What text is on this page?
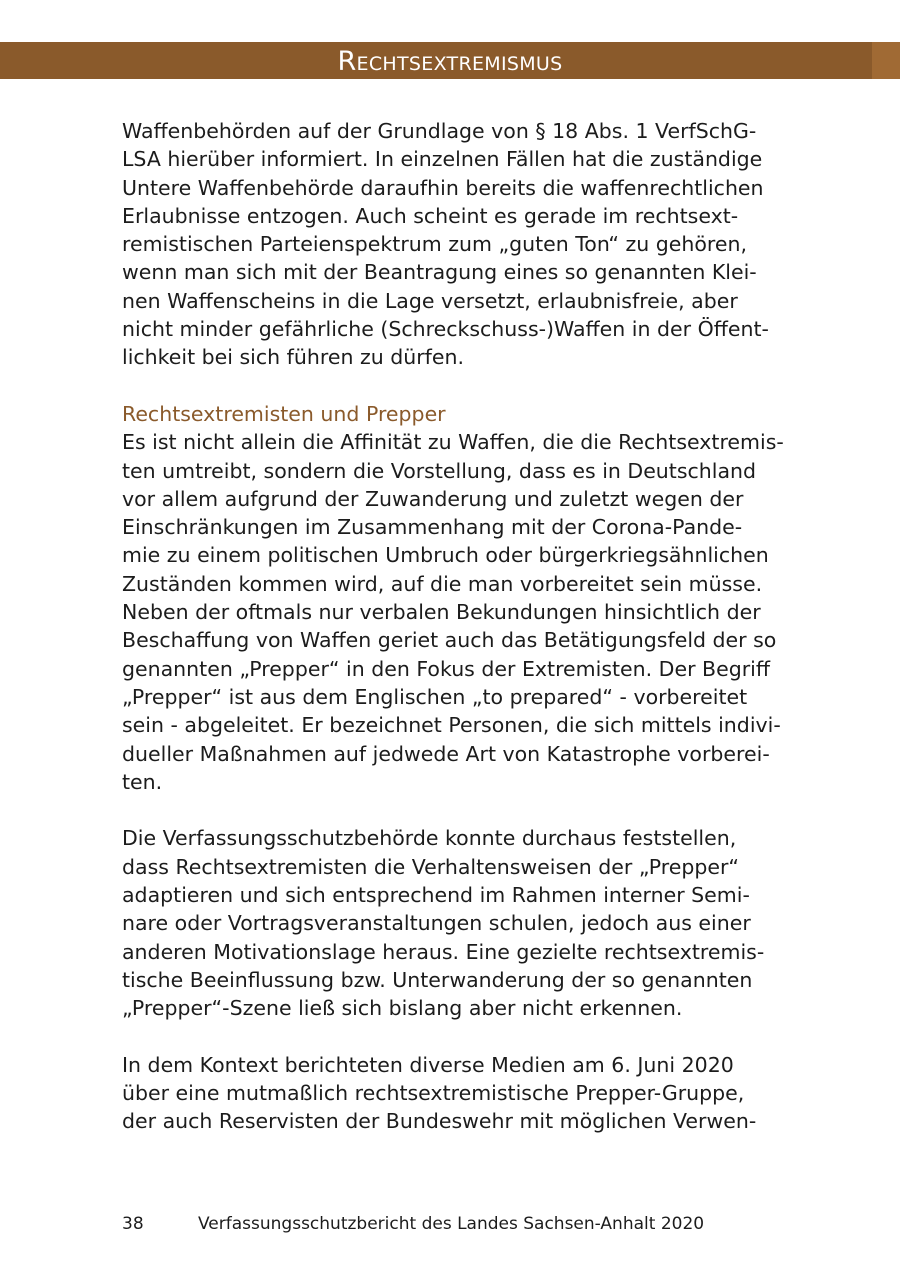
Rechtsextremismus
Waffenbehörden auf der Grundlage von § 18 Abs. 1 VerfSchG-
LSA hierüber informiert. In einzelnen Fällen hat die zuständige
Untere Waffenbehörde daraufhin bereits die waffenrechtlichen
Erlaubnisse entzogen. Auch scheint es gerade im rechtsext-
remistischen Parteienspektrum zum „guten Ton“ zu gehören,
wenn man sich mit der Beantragung eines so genannten Klei-
nen Waffenscheins in die Lage versetzt, erlaubnisfreie, aber
nicht minder gefährliche (Schreckschuss-)Waffen in der Öffent-
lichkeit bei sich führen zu dürfen.
Rechtsextremisten und Prepper
Es ist nicht allein die Affinität zu Waffen, die die Rechtsextremis-
ten umtreibt, sondern die Vorstellung, dass es in Deutschland
vor allem aufgrund der Zuwanderung und zuletzt wegen der
Einschränkungen im Zusammenhang mit der Corona-Pande-
mie zu einem politischen Umbruch oder bürgerkriegsähnlichen
Zuständen kommen wird, auf die man vorbereitet sein müsse.
Neben der oftmals nur verbalen Bekundungen hinsichtlich der
Beschaffung von Waffen geriet auch das Betätigungsfeld der so
genannten „Prepper“ in den Fokus der Extremisten. Der Begriff
„Prepper“ ist aus dem Englischen „to prepared“ - vorbereitet
sein - abgeleitet. Er bezeichnet Personen, die sich mittels indivi-
dueller Maßnahmen auf jedwede Art von Katastrophe vorberei-
ten.
Die Verfassungsschutzbehörde konnte durchaus feststellen,
dass Rechtsextremisten die Verhaltensweisen der „Prepper“
adaptieren und sich entsprechend im Rahmen interner Semi-
nare oder Vortragsveranstaltungen schulen, jedoch aus einer
anderen Motivationslage heraus. Eine gezielte rechtsextremis-
tische Beeinflussung bzw. Unterwanderung der so genannten
„Prepper“-Szene ließ sich bislang aber nicht erkennen.
In dem Kontext berichteten diverse Medien am 6. Juni 2020
über eine mutmaßlich rechtsextremistische Prepper-Gruppe,
der auch Reservisten der Bundeswehr mit möglichen Verwen-
38	Verfassungsschutzbericht des Landes Sachsen-Anhalt 2020
